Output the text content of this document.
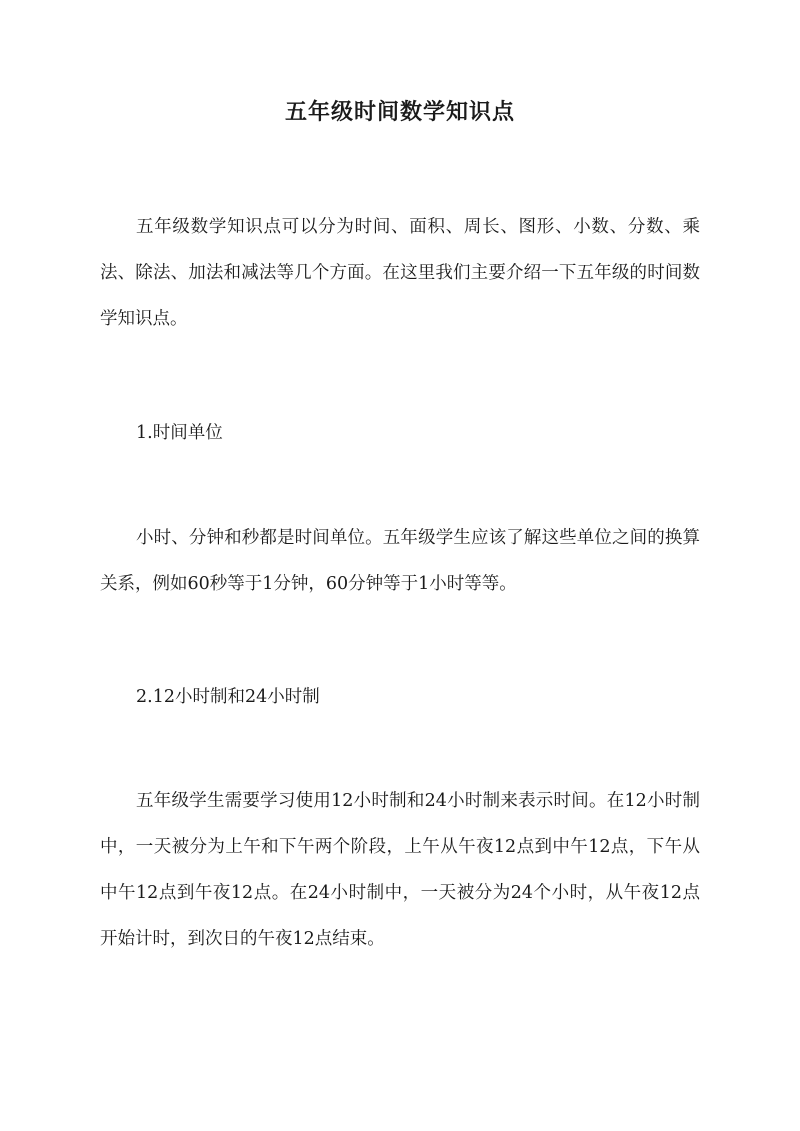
五年级时间数学知识点
五年级数学知识点可以分为时间、面积、周长、图形、小数、分数、乘法、除法、加法和减法等几个方面。在这里我们主要介绍一下五年级的时间数学知识点。
1.时间单位
小时、分钟和秒都是时间单位。五年级学生应该了解这些单位之间的换算关系，例如60秒等于1分钟，60分钟等于1小时等等。
2.12小时制和24小时制
五年级学生需要学习使用12小时制和24小时制来表示时间。在12小时制中，一天被分为上午和下午两个阶段，上午从午夜12点到中午12点，下午从中午12点到午夜12点。在24小时制中，一天被分为24个小时，从午夜12点开始计时，到次日的午夜12点结束。
